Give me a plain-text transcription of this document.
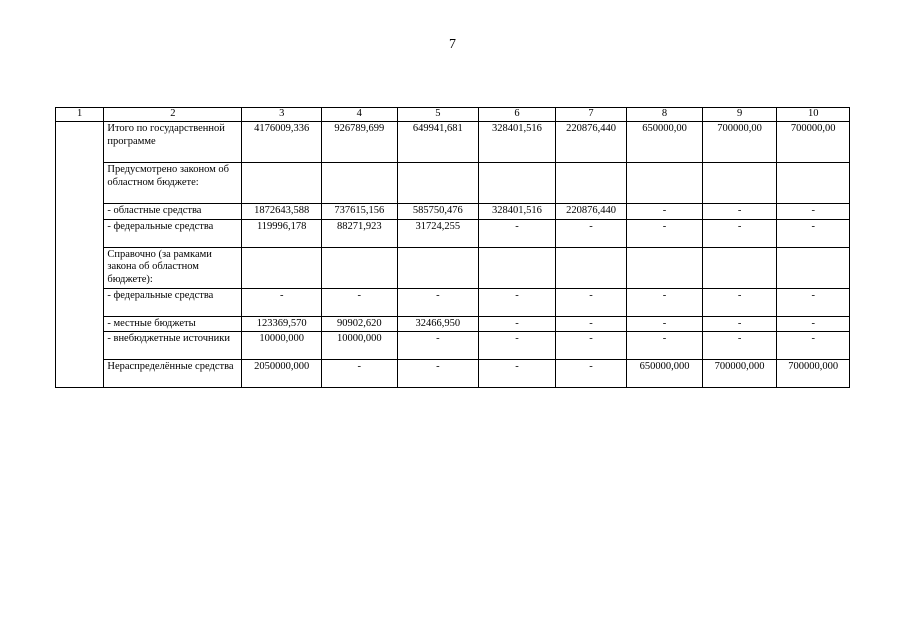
7
1	2	3	4	5	6	7	8	9	10
	Итого по государственной программе	4176009,336	926789,699	649941,681	328401,516	220876,440	650000,00	700000,00	700000,00
	Предусмотрено законом об областном бюджете:								
	- областные средства	1872643,588	737615,156	585750,476	328401,516	220876,440	-	-	-
	- федеральные средства	119996,178	88271,923	31724,255	-	-	-	-	-
	Справочно (за рамками закона об областном бюджете):								
	- федеральные средства	-	-	-	-	-	-	-	-
	- местные бюджеты	123369,570	90902,620	32466,950	-	-	-	-	-
	- внебюджетные источники	10000,000	10000,000	-	-	-	-	-	-
	Нераспределённые средства	2050000,000	-	-	-	-	650000,000	700000,000	700000,000
